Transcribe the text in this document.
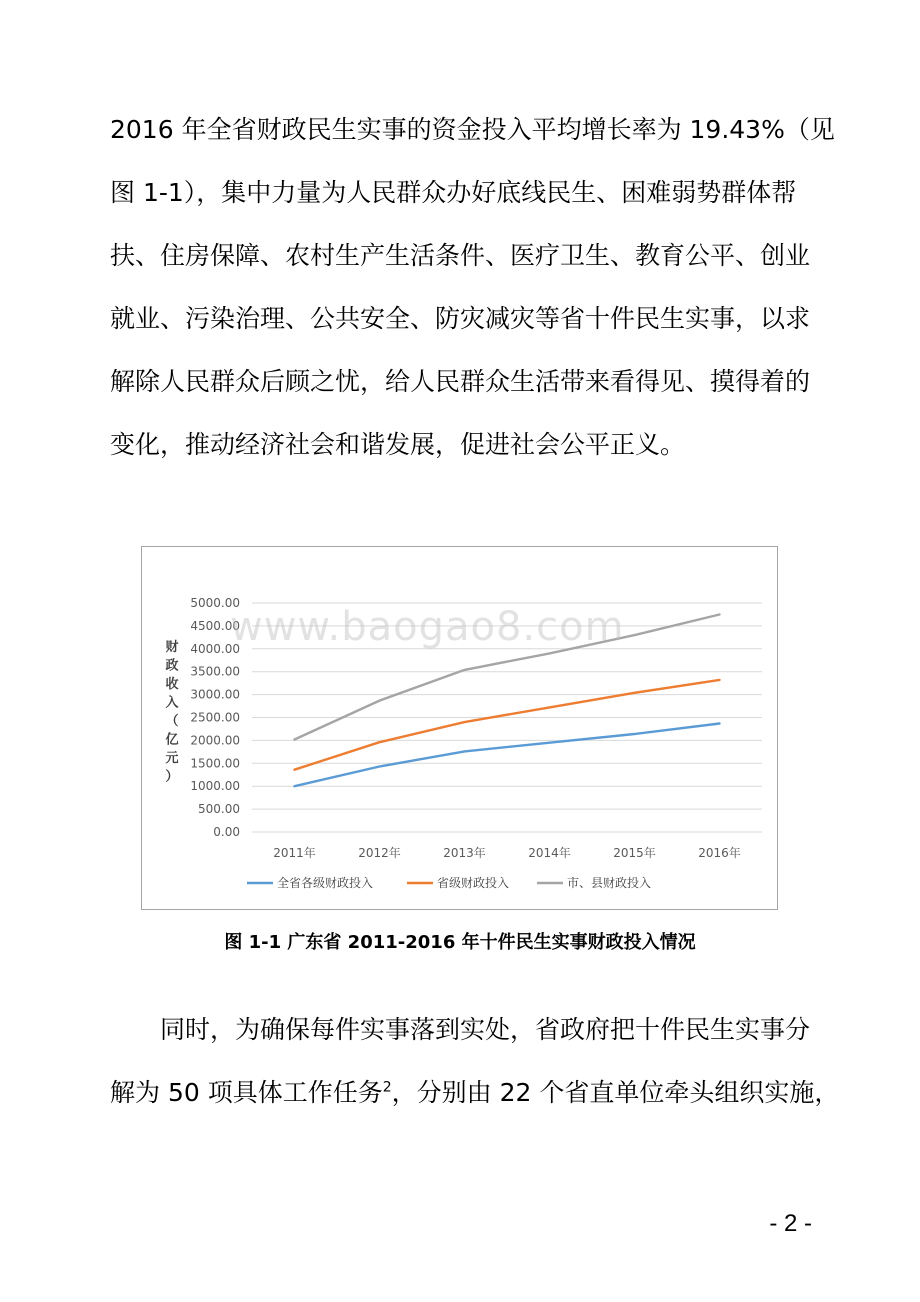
2016 年全省财政民生实事的资金投入平均增长率为 19.43%（见
图 1-1），集中力量为人民群众办好底线民生、困难弱势群体帮
扶、住房保障、农村生产生活条件、医疗卫生、教育公平、创业
就业、污染治理、公共安全、防灾减灾等省十件民生实事，以求
解除人民群众后顾之忧，给人民群众生活带来看得见、摸得着的
变化，推动经济社会和谐发展，促进社会公平正义。
0.00
500.00
1000.00
1500.00
2000.00
2500.00
3000.00
3500.00
4000.00
4500.00
5000.00
2011年	2012年	2013年	2014年	2015年	2016年
财
政
收
入
（
亿
元
）
全省各级财政投入	省级财政投入	市、县财政投入
www.baogao8.com
图 1-1 广东省 2011-2016 年十件民生实事财政投入情况
同时，为确保每件实事落到实处，省政府把十件民生实事分
解为 50 项具体工作任务$^2$，分别由 22 个省直单位牵头组织实施，
- 2 -
